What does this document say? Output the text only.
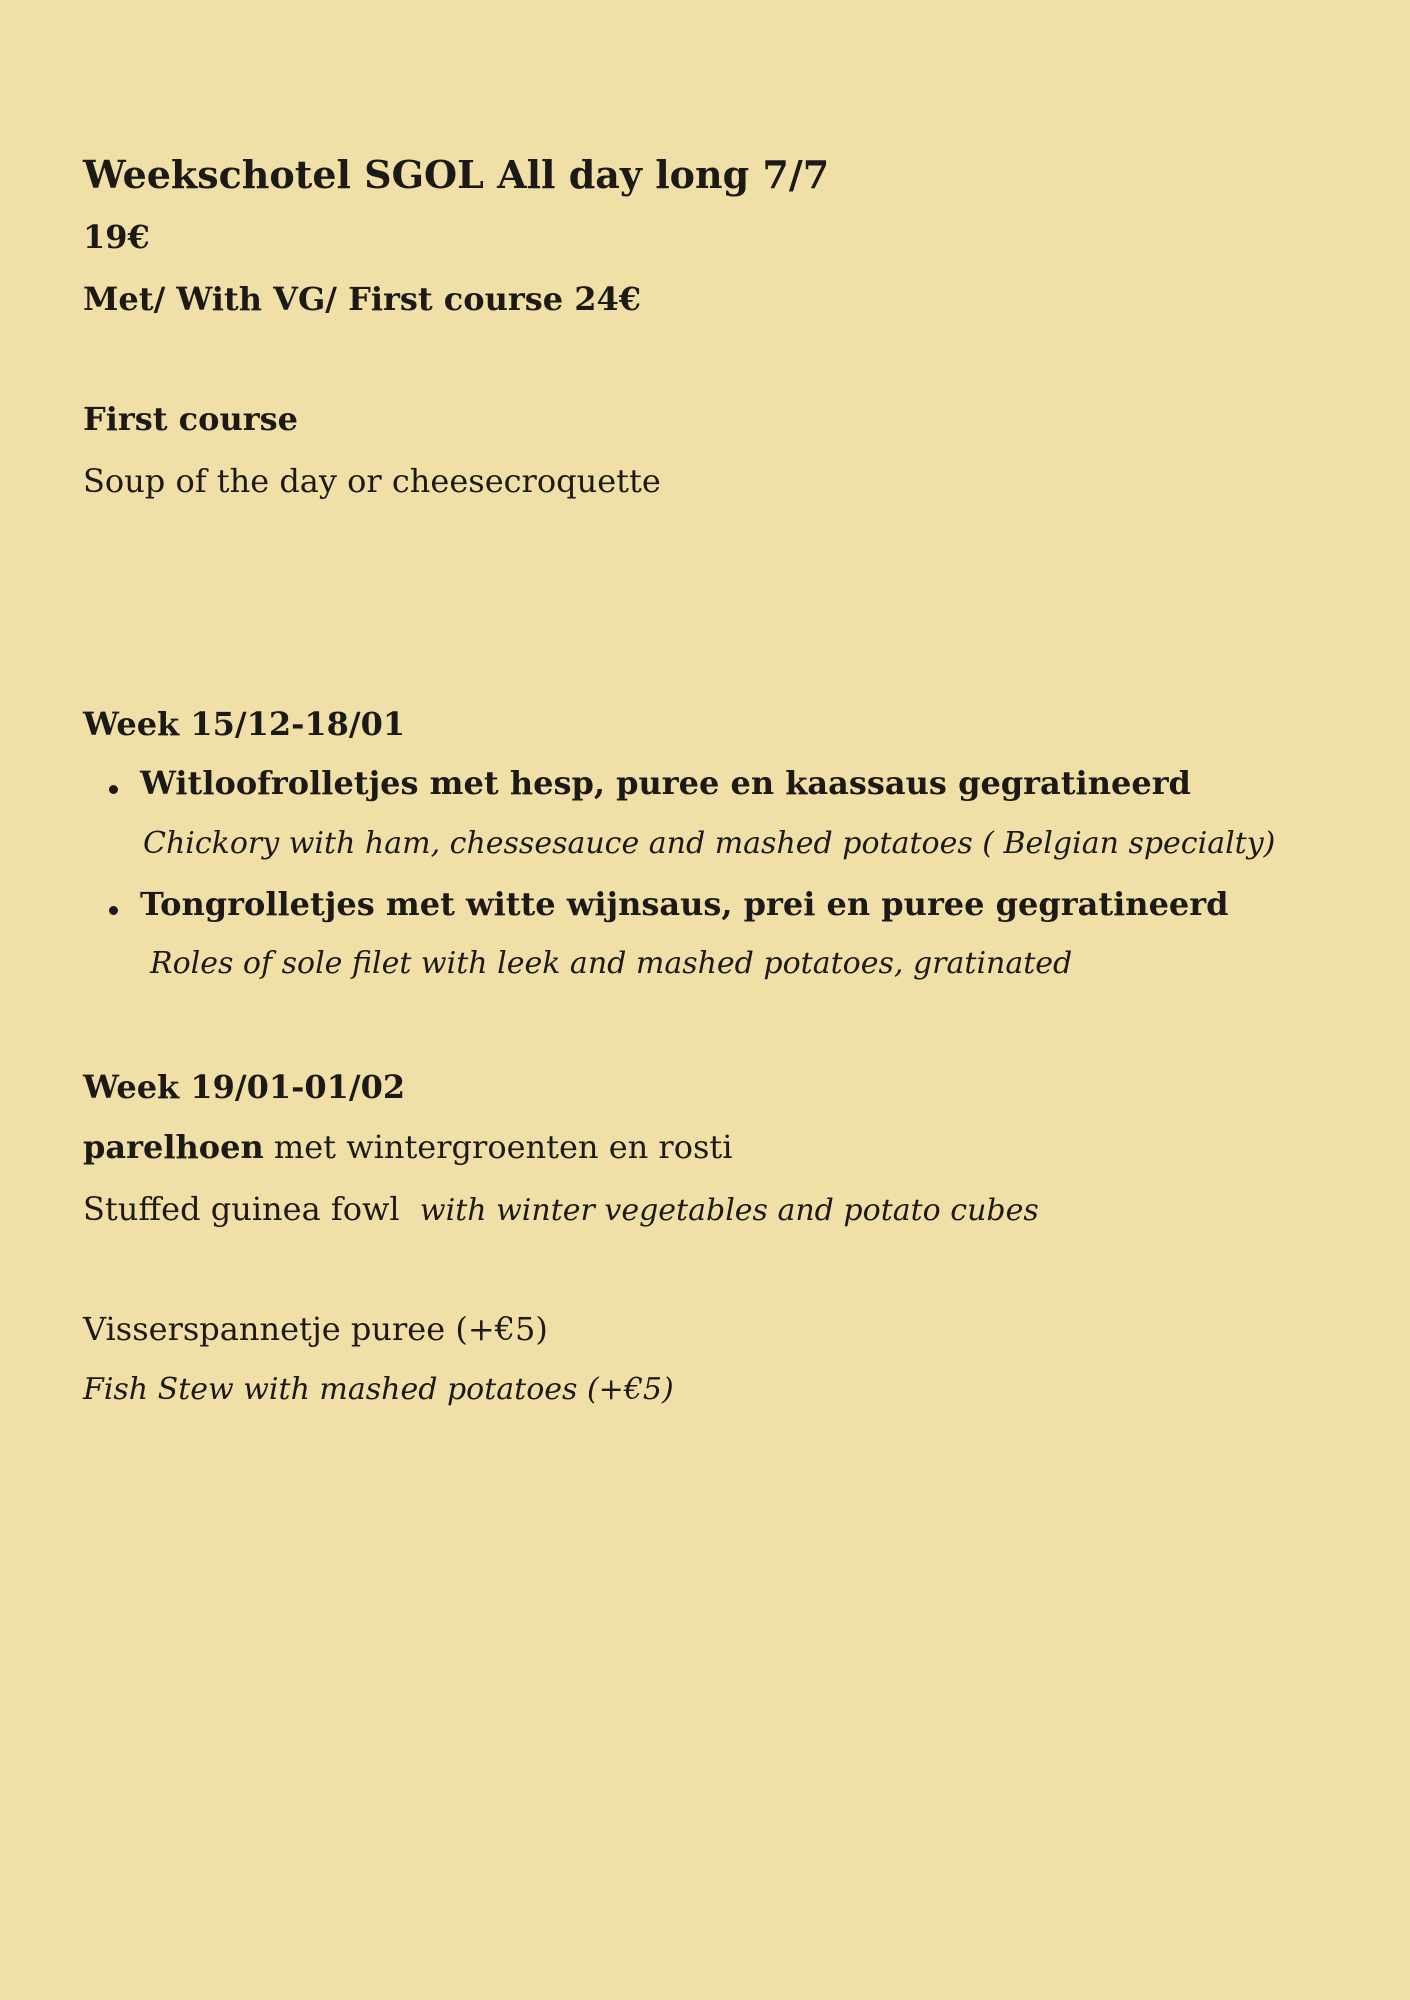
Weekschotel SGOL All day long 7/7

19€

Met/ With VG/ First course 24€

First course

Soup of the day or cheesecroquette

Week 15/12-18/01

Witloofrolletjes met hesp, puree en kaassaus gegratineerd

Chickory with ham, chessesauce and mashed potatoes ( Belgian specialty)

Tongrolletjes met witte wijnsaus, prei en puree gegratineerd

Roles of sole filet with leek and mashed potatoes, gratinated

Week 19/01-01/02

parelhoen met wintergroenten en rosti

Stuffed guinea fowl  with winter vegetables and potato cubes

Visserspannetje puree (+€5)

Fish Stew with mashed potatoes (+€5)
